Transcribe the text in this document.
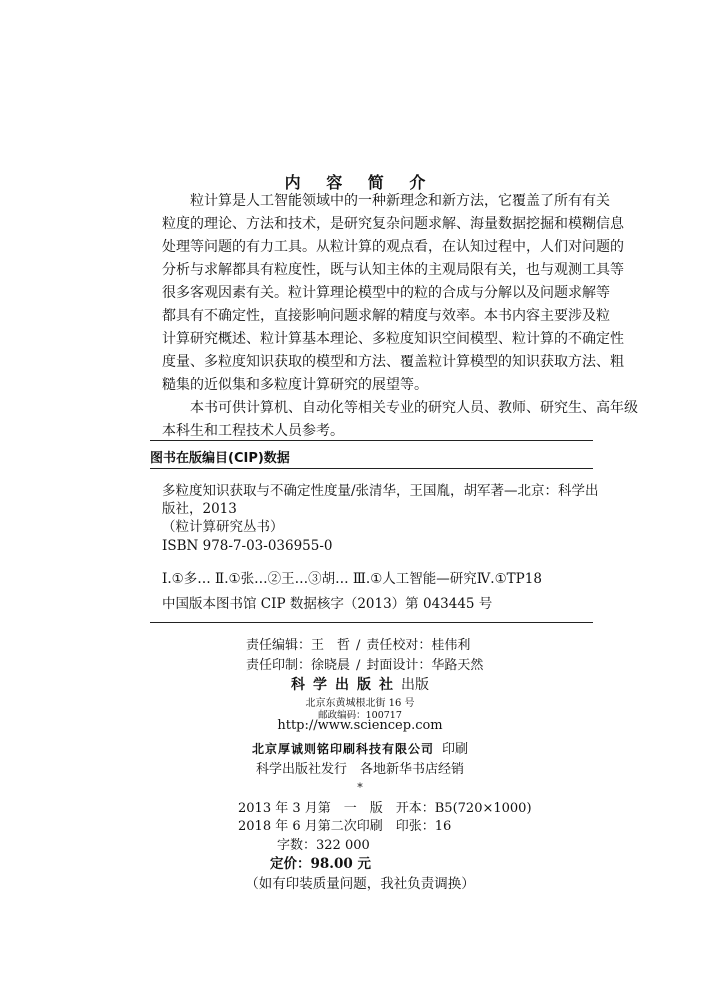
内 容 简 介
粒计算是人工智能领域中的一种新理念和新方法，它覆盖了所有有关
粒度的理论、方法和技术，是研究复杂问题求解、海量数据挖掘和模糊信息
处理等问题的有力工具。从粒计算的观点看，在认知过程中，人们对问题的
分析与求解都具有粒度性，既与认知主体的主观局限有关，也与观测工具等
很多客观因素有关。粒计算理论模型中的粒的合成与分解以及问题求解等
都具有不确定性，直接影响问题求解的精度与效率。本书内容主要涉及粒
计算研究概述、粒计算基本理论、多粒度知识空间模型、粒计算的不确定性
度量、多粒度知识获取的模型和方法、覆盖粒计算模型的知识获取方法、粗
糙集的近似集和多粒度计算研究的展望等。
本书可供计算机、自动化等相关专业的研究人员、教师、研究生、高年级
本科生和工程技术人员参考。
图书在版编目(CIP)数据
多粒度知识获取与不确定性度量/张清华，王国胤，胡军著—北京：科学出
版社，2013
（粒计算研究丛书）
ISBN 978-7-03-036955-0
Ⅰ.①多… Ⅱ.①张…②王…③胡… Ⅲ.①人工智能—研究Ⅳ.①TP18
中国版本图书馆 CIP 数据核字（2013）第 043445 号
责任编辑：王　哲 / 责任校对：桂伟利
责任印制：徐晓晨 / 封面设计：华路天然
科学出版社出版
北京东黄城根北街 16 号
邮政编码：100717
http://www.sciencep.com
北京厚诚则铭印刷科技有限公司 印刷
科学出版社发行　各地新华书店经销
*
2013 年 3 月第　一　版　开本：B5(720×1000)
2018 年 6 月第二次印刷　印张：16
字数：322 000
定价：98.00 元
（如有印装质量问题，我社负责调换）
